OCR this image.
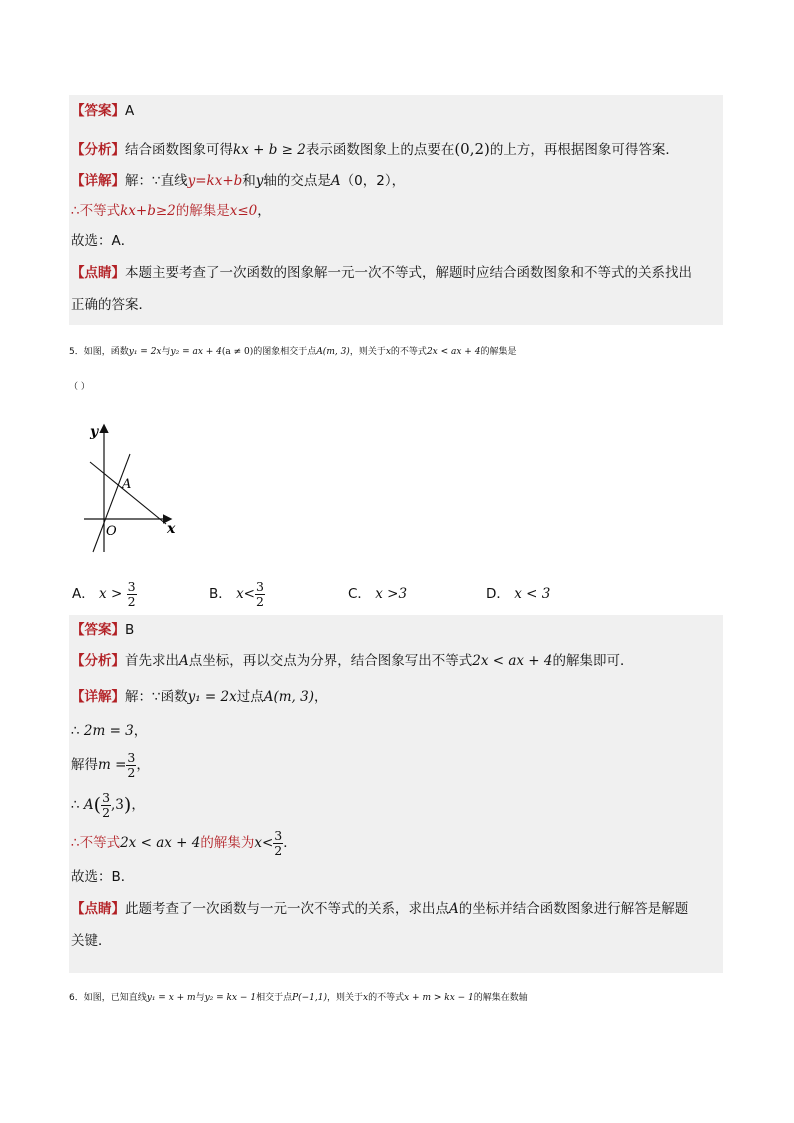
【答案】A
【分析】结合函数图象可得kx + b ≥ 2表示函数图象上的点要在(0,2)的上方，再根据图象可得答案．
【详解】解：∵直线y=kx+b和y轴的交点是A（0，2），
∴不等式kx+b≥2的解集是x≤0，
故选：A．
【点睛】本题主要考查了一次函数的图象解一元一次不等式，解题时应结合函数图象和不等式的关系找出
正确的答案．
5．如图，函数y₁ = 2x与y₂ = ax + 4(a ≠ 0)的图象相交于点A(m, 3)，则关于x的不等式2x < ax + 4的解集是
（ ）
y
x
O
A
A． $x > \frac{3}{2}$	B． $x< \frac{3}{2}$	C． x >3	D． x < 3
【答案】B
【分析】首先求出A点坐标，再以交点为分界，结合图象写出不等式2x < ax + 4的解集即可．
【详解】解：∵函数y₁ = 2x过点A(m, 3)，
∴ 2m = 3，
解得$m = \frac{3}{2}$ ，
∴ $A( \frac{3}{2} ,3)$，
∴不等式2x < ax + 4的解集为$x< \frac{3}{2}$ ．
故选：B．
【点睛】此题考查了一次函数与一元一次不等式的关系，求出点A的坐标并结合函数图象进行解答是解题
关键．
6．如图，已知直线y₁ = x + m与y₂ = kx − 1相交于点P(−1,1)，则关于x的不等式x + m > kx − 1的解集在数轴
